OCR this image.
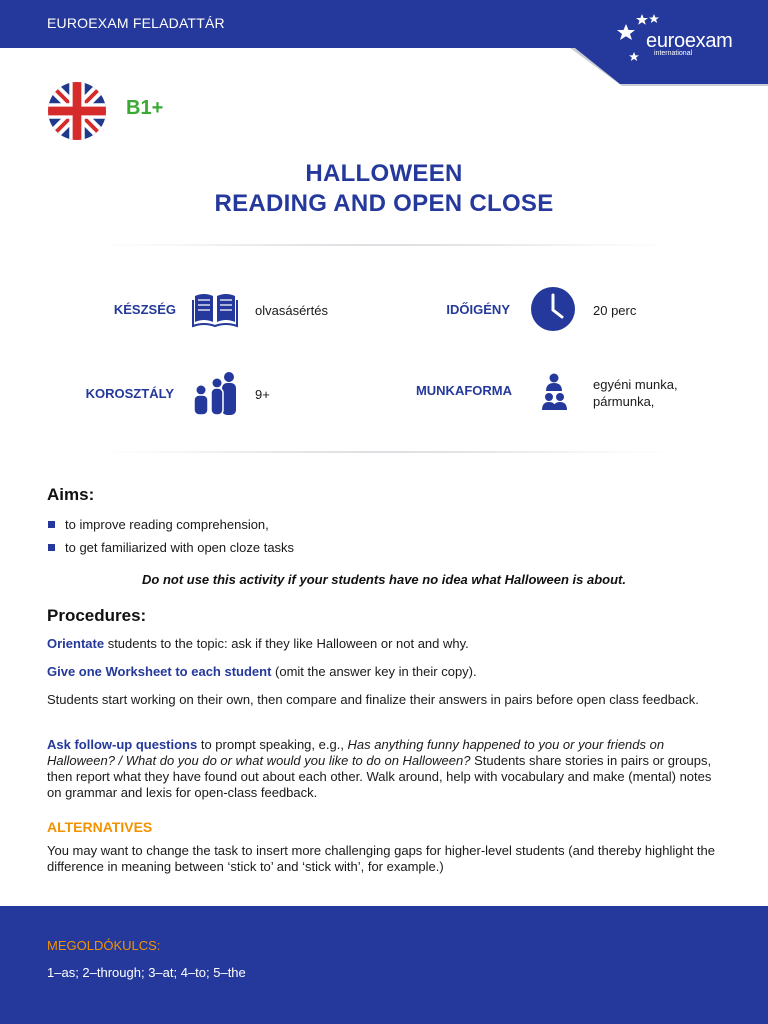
EUROEXAM FELADATTÁR
euroexam
international
B1+
HALLOWEEN
READING AND OPEN CLOSE
KÉSZSÉG	olvasásértés	IDŐIGÉNY	20 perc
KOROSZTÁLY	9+	MUNKAFORMA	egyéni munka,
pármunka,
Aims:
to improve reading comprehension,
to get familiarized with open cloze tasks
Do not use this activity if your students have no idea what Halloween is about.
Procedures:
Orientate students to the topic: ask if they like Halloween or not and why.
Give one Worksheet to each student (omit the answer key in their copy).
Students start working on their own, then compare and finalize their answers in pairs before open class feedback.
Ask follow-up questions to prompt speaking, e.g., Has anything funny happened to you or your friends on Halloween? / What do you do or what would you like to do on Halloween? Students share stories in pairs or groups, then report what they have found out about each other. Walk around, help with vocabulary and make (mental) notes on grammar and lexis for open-class feedback.
ALTERNATIVES
You may want to change the task to insert more challenging gaps for higher-level students (and thereby highlight the difference in meaning between ‘stick to’ and ‘stick with’, for example.)
MEGOLDÓKULCS:
1–as; 2–through; 3–at; 4–to; 5–the
